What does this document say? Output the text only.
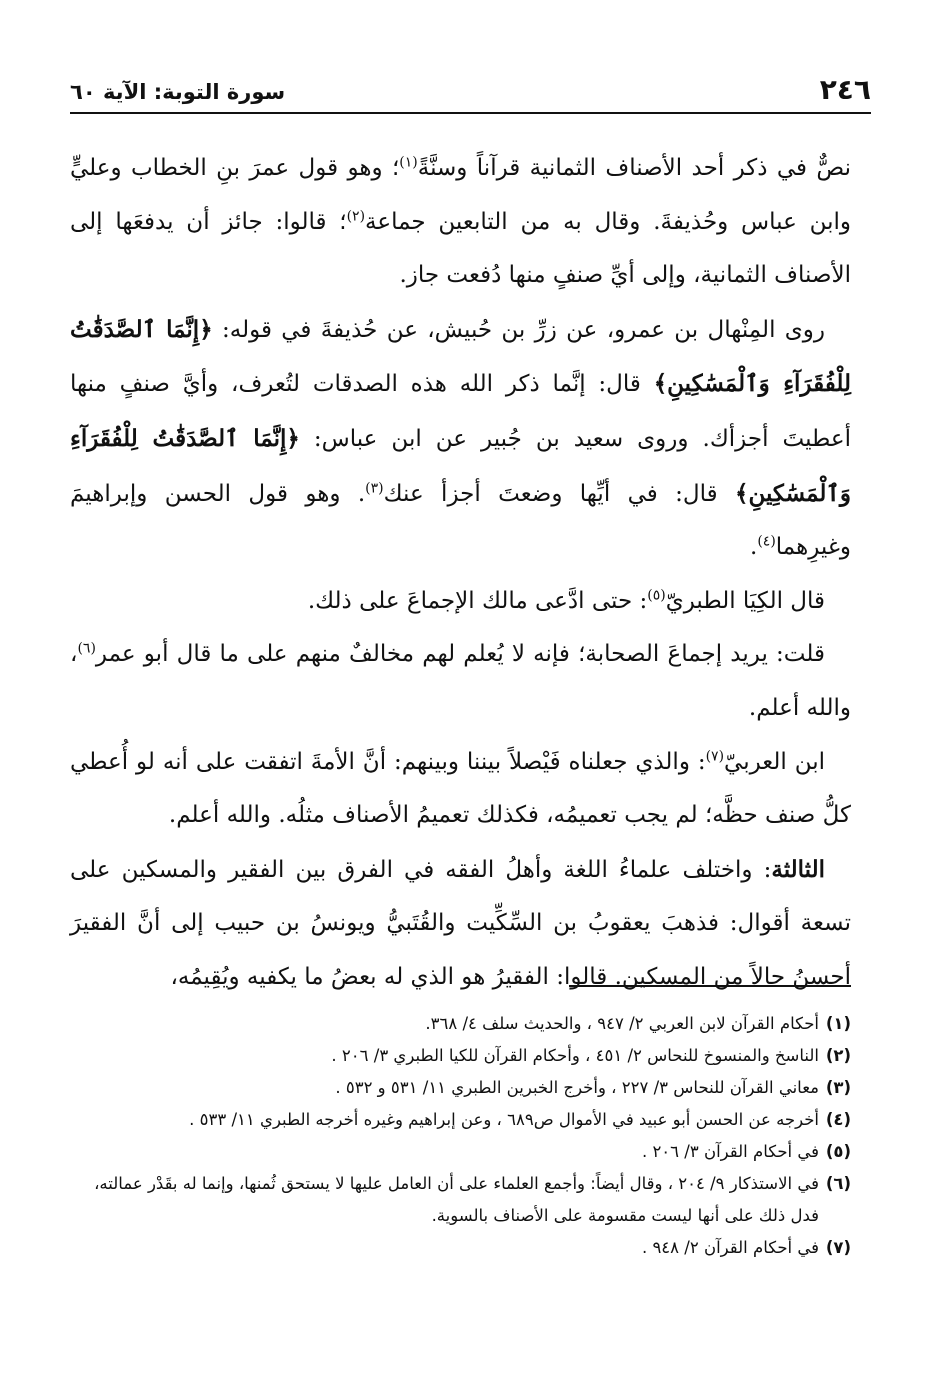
٢٤٦
سورة التوبة: الآية ٦٠

نصٌّ في ذكر أحد الأصناف الثمانية قرآناً وسنَّةً$^{(١)}$؛ وهو قول عمرَ بنِ الخطاب وعليٍّ وابن عباس وحُذيفةَ. وقال به من التابعين جماعة$^{(٢)}$؛ قالوا: جائز أن يدفعَها إلى الأصناف الثمانية، وإلى أيِّ صنفٍ منها دُفعت جاز.

روى المِنْهال بن عمرو، عن زرِّ بن حُبيش، عن حُذيفةَ في قوله: ﴿إِنَّمَا ٱلصَّدَقَٰتُ لِلْفُقَرَآءِ وَٱلْمَسَٰكِينِ﴾ قال: إنَّما ذكر الله هذه الصدقات لتُعرف، وأيَّ صنفٍ منها أعطيتَ أجزأك. وروى سعيد بن جُبير عن ابن عباس: ﴿إِنَّمَا ٱلصَّدَقَٰتُ لِلْفُقَرَآءِ وَٱلْمَسَٰكِينِ﴾ قال: في أيِّها وضعتَ أجزأ عنك$^{(٣)}$. وهو قول الحسن وإبراهيمَ وغيرِهما$^{(٤)}$.

قال الكِيَا الطبريّ$^{(٥)}$: حتى ادَّعى مالك الإجماعَ على ذلك.

قلت: يريد إجماعَ الصحابة؛ فإنه لا يُعلم لهم مخالفٌ منهم على ما قال أبو عمر$^{(٦)}$، والله أعلم.

ابن العربيّ$^{(٧)}$: والذي جعلناه فَيْصلاً بيننا وبينهم: أنَّ الأمةَ اتفقت على أنه لو أُعطي كلُّ صنف حظَّه؛ لم يجب تعميمُه، فكذلك تعميمُ الأصناف مثلُه. والله أعلم.

الثالثة: واختلف علماءُ اللغة وأهلُ الفقه في الفرق بين الفقير والمسكين على تسعة أقوال: فذهبَ يعقوبُ بن السِّكِّيت والقُتَبيُّ ويونسُ بن حبيب إلى أنَّ الفقيرَ أحسنُ حالاً من المسكين. قالوا: الفقيرُ هو الذي له بعضُ ما يكفيه ويُقِيمُه،

(١)
أحكام القرآن لابن العربي ٢/ ٩٤٧ ، والحديث سلف ٤/ ٣٦٨.
(٢)
الناسخ والمنسوخ للنحاس ٢/ ٤٥١ ، وأحكام القرآن للكيا الطبري ٣/ ٢٠٦ .
(٣)
معاني القرآن للنحاس ٣/ ٢٢٧ ، وأخرج الخبرين الطبري ١١/ ٥٣١ و ٥٣٢ .
(٤)
أخرجه عن الحسن أبو عبيد في الأموال ص٦٨٩ ، وعن إبراهيم وغيره أخرجه الطبري ١١/ ٥٣٣ .
(٥)
في أحكام القرآن ٣/ ٢٠٦ .
(٦)
في الاستذكار ٩/ ٢٠٤ ، وقال أيضاً: وأجمع العلماء على أن العامل عليها لا يستحق ثُمنها، وإنما له بقَدْر عمالته، فدل ذلك على أنها ليست مقسومة على الأصناف بالسوية.
(٧)
في أحكام القرآن ٢/ ٩٤٨ .
